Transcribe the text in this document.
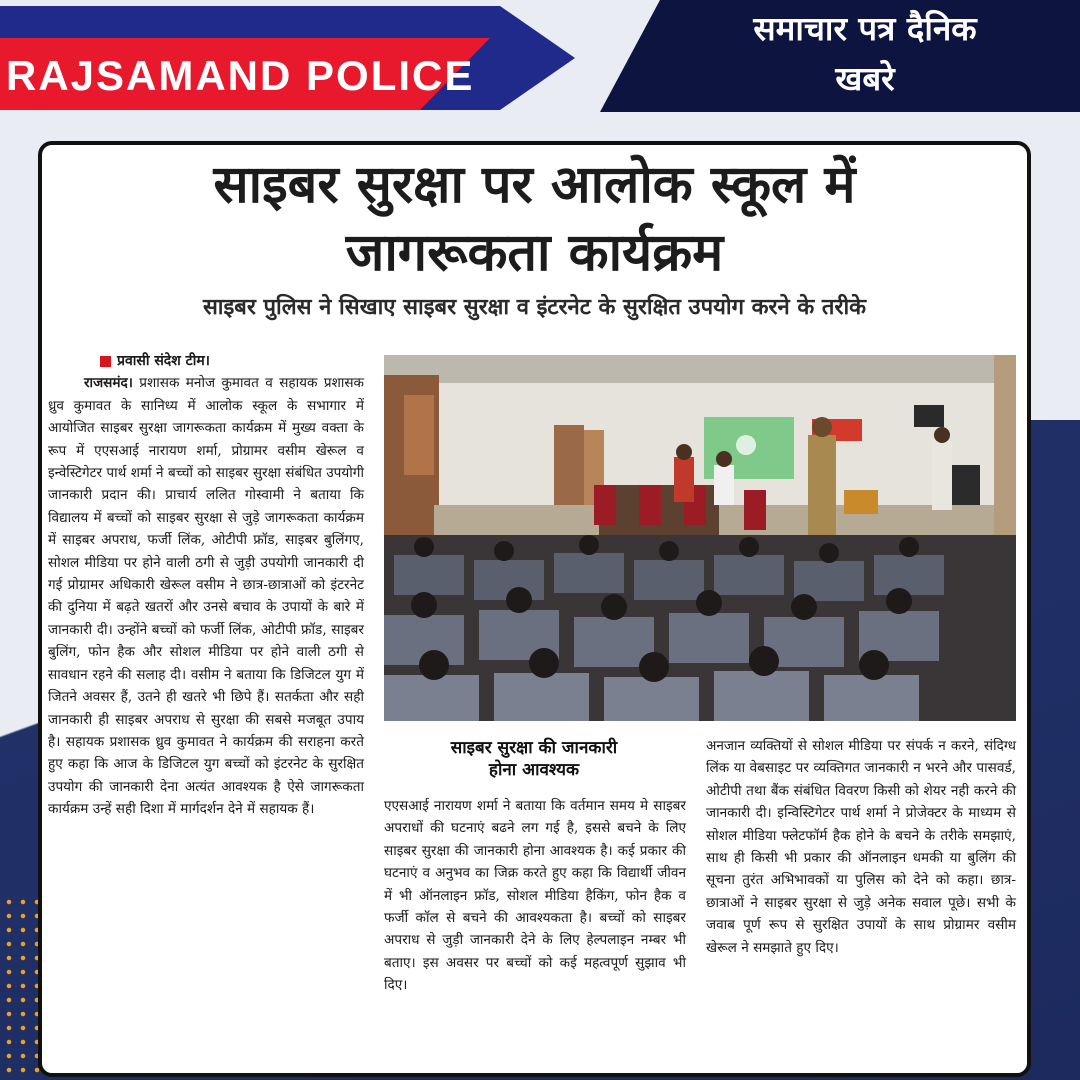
RAJSAMAND POLICE
समाचार पत्र दैनिक
खबरे
साइबर सुरक्षा पर आलोक स्कूल में
जागरूकता कार्यक्रम
साइबर पुलिस ने सिखाए साइबर सुरक्षा व इंटरनेट के सुरक्षित उपयोग करने के तरीके
प्रवासी संदेश टीम।
राजसमंद। प्रशासक मनोज कुमावत व सहायक प्रशासक ध्रुव कुमावत के सानिध्य में आलोक स्कूल के सभागार में आयोजित साइबर सुरक्षा जागरूकता कार्यक्रम में मुख्य वक्ता के रूप में एएसआई नारायण शर्मा, प्रोग्रामर वसीम खेरूल व इन्वेस्टिगेटर पार्थ शर्मा ने बच्चों को साइबर सुरक्षा संबंधित उपयोगी जानकारी प्रदान की। प्राचार्य ललित गोस्वामी ने बताया कि विद्यालय में बच्चों को साइबर सुरक्षा से जुड़े जागरूकता कार्यक्रम में साइबर अपराध, फर्जी लिंक, ओटीपी फ्रॉड, साइबर बुलिंगए, सोशल मीडिया पर होने वाली ठगी से जुड़ी उपयोगी जानकारी दी गई प्रोग्रामर अधिकारी खेरूल वसीम ने छात्र-छात्राओं को इंटरनेट की दुनिया में बढ़ते खतरों और उनसे बचाव के उपायों के बारे में जानकारी दी। उन्होंने बच्चों को फर्जी लिंक, ओटीपी फ्रॉड, साइबर बुलिंग, फोन हैक और सोशल मीडिया पर होने वाली ठगी से सावधान रहने की सलाह दी। वसीम ने बताया कि डिजिटल युग में जितने अवसर हैं, उतने ही खतरे भी छिपे हैं। सतर्कता और सही जानकारी ही साइबर अपराध से सुरक्षा की सबसे मजबूत उपाय है। सहायक प्रशासक ध्रुव कुमावत ने कार्यक्रम की सराहना करते हुए कहा कि आज के डिजिटल युग बच्चों को इंटरनेट के सुरक्षित उपयोग की जानकारी देना अत्यंत आवश्यक है ऐसे जागरूकता कार्यक्रम उन्हें सही दिशा में मार्गदर्शन देने में सहायक हैं।
साइबर सुरक्षा की जानकारी
होना आवश्यक
एएसआई नारायण शर्मा ने बताया कि वर्तमान समय मे साइबर अपराधों की घटनाएं बढने लग गई है, इससे बचने के लिए साइबर सुरक्षा की जानकारी होना आवश्यक है। कई प्रकार की घटनाएं व अनुभव का जिक्र करते हुए कहा कि विद्यार्थी जीवन में भी ऑनलाइन फ्रॉड, सोशल मीडिया हैकिंग, फोन हैक व फर्जी कॉल से बचने की आवश्यकता है। बच्चों को साइबर अपराध से जुड़ी जानकारी देने के लिए हेल्पलाइन नम्बर भी बताए। इस अवसर पर बच्चों को कई महत्वपूर्ण सुझाव भी दिए।
अनजान व्यक्तियों से सोशल मीडिया पर संपर्क न करने, संदिग्ध लिंक या वेबसाइट पर व्यक्तिगत जानकारी न भरने और पासवर्ड, ओटीपी तथा बैंक संबंधित विवरण किसी को शेयर नही करने की जानकारी दी। इन्विस्टिगेटर पार्थ शर्मा ने प्रोजेक्टर के माध्यम से सोशल मीडिया फ्लेटफॉर्म हैक होने के बचने के तरीके समझाएं, साथ ही किसी भी प्रकार की ऑनलाइन धमकी या बुलिंग की सूचना तुरंत अभिभावकों या पुलिस को देने को कहा। छात्र-छात्राओं ने साइबर सुरक्षा से जुड़े अनेक सवाल पूछे। सभी के जवाब पूर्ण रूप से सुरक्षित उपायों के साथ प्रोग्रामर वसीम खेरूल ने समझाते हुए दिए।
